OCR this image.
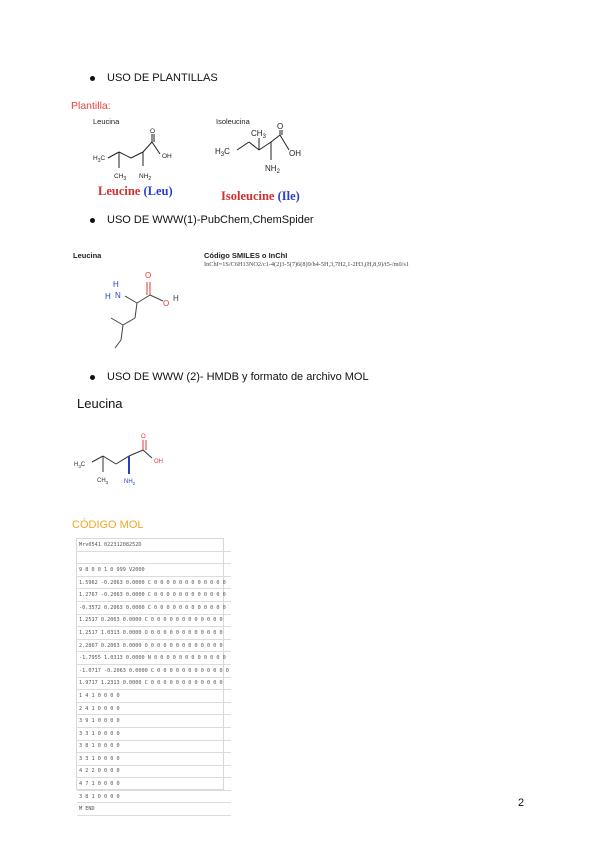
USO DE PLANTILLAS
Plantilla:
Leucina	Isoleucina
$H_3C$
$CH_3$ $NH_2$
OH
O
$H_3C$
$CH_3$
$NH_2$
OH
O
Leucine (Leu)	Isoleucine (Ile)
USO DE WWW(1)-PubChem,ChemSpider
Leucina	Código SMILES o InChI
InChI=1S/C6H13NO2/c1-4(2)3-5(7)6(8)9/h4-5H,3,7H2,1-2H3,(H,8,9)/t5-/m0/s1
H
H N
O
O
H
USO DE WWW (2)- HMDB y formato de archivo MOL
Leucina
$H_3C$
$CH_3$	$NH_2$
O
OH
CÓDIGO MOL
Mrv0541 02231208252D

9 8 0 0 1 0 999 V2000
1.5962 -0.2063 0.0000 C 0 0 0 0 0 0 0 0 0 0 0 0
1.2767 -0.2063 0.0000 C 0 0 0 0 0 0 0 0 0 0 0 0
-0.3572 0.2063 0.0000 C 0 0 0 0 0 0 0 0 0 0 0 0
1.2517 0.2063 0.0000 C 0 0 0 0 0 0 0 0 0 0 0 0
1.2517 1.0313 0.0000 O 0 0 0 0 0 0 0 0 0 0 0 0
2.2867 0.2063 0.0000 O 0 0 0 0 0 0 0 0 0 0 0 0
-1.7955 1.0313 0.0000 N 0 0 0 0 0 0 0 0 0 0 0 0
-1.0717 -0.2063 0.0000 C 0 0 0 0 0 0 0 0 0 0 0 0
1.9717 1.2313 0.0000 C 0 0 0 0 0 0 0 0 0 0 0 0
1 4 1 0 0 0 0
2 4 1 0 0 0 0
3 9 1 0 0 0 0
3 3 1 0 0 0 0
3 8 1 0 0 0 0
3 3 1 0 0 0 0
4 2 2 0 0 0 0
4 7 1 0 0 0 0
3 8 1 0 0 0 0
M END
2
